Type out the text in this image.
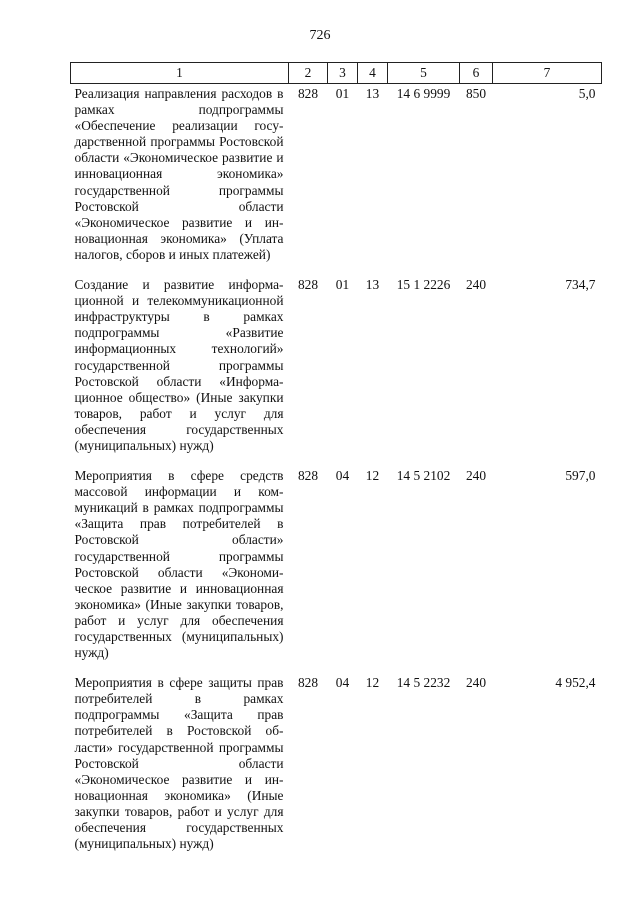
726
1	2	3	4	5	6	7
Реализация направления расходов в рамках подпрограммы «Обеспечение реализации государственной программы Ростовской области «Экономическое развитие и инновационная экономика» государственной программы Ростовской области «Экономическое развитие и инновационная экономика» (Уплата налогов, сборов и иных платежей)	828	01	13	14 6 9999	850	5,0
Создание и развитие информационной и телекоммуникационной инфраструктуры в рамках подпрограммы «Развитие информационных технологий» государственной программы Ростовской области «Информационное общество» (Иные закупки товаров, работ и услуг для обеспечения государственных (муниципальных) нужд)	828	01	13	15 1 2226	240	734,7
Мероприятия в сфере средств массовой информации и коммуникаций в рамках подпрограммы «Защита прав потребителей в Ростовской области» государственной программы Ростовской области «Экономическое развитие и инновационная экономика» (Иные закупки товаров, работ и услуг для обеспечения государственных (муниципальных) нужд)	828	04	12	14 5 2102	240	597,0
Мероприятия в сфере защиты прав потребителей в рамках подпрограммы «Защита прав потребителей в Ростовской области» государственной программы Ростовской области «Экономическое развитие и инновационная экономика» (Иные закупки товаров, работ и услуг для обеспечения государственных (муниципальных) нужд)	828	04	12	14 5 2232	240	4 952,4
